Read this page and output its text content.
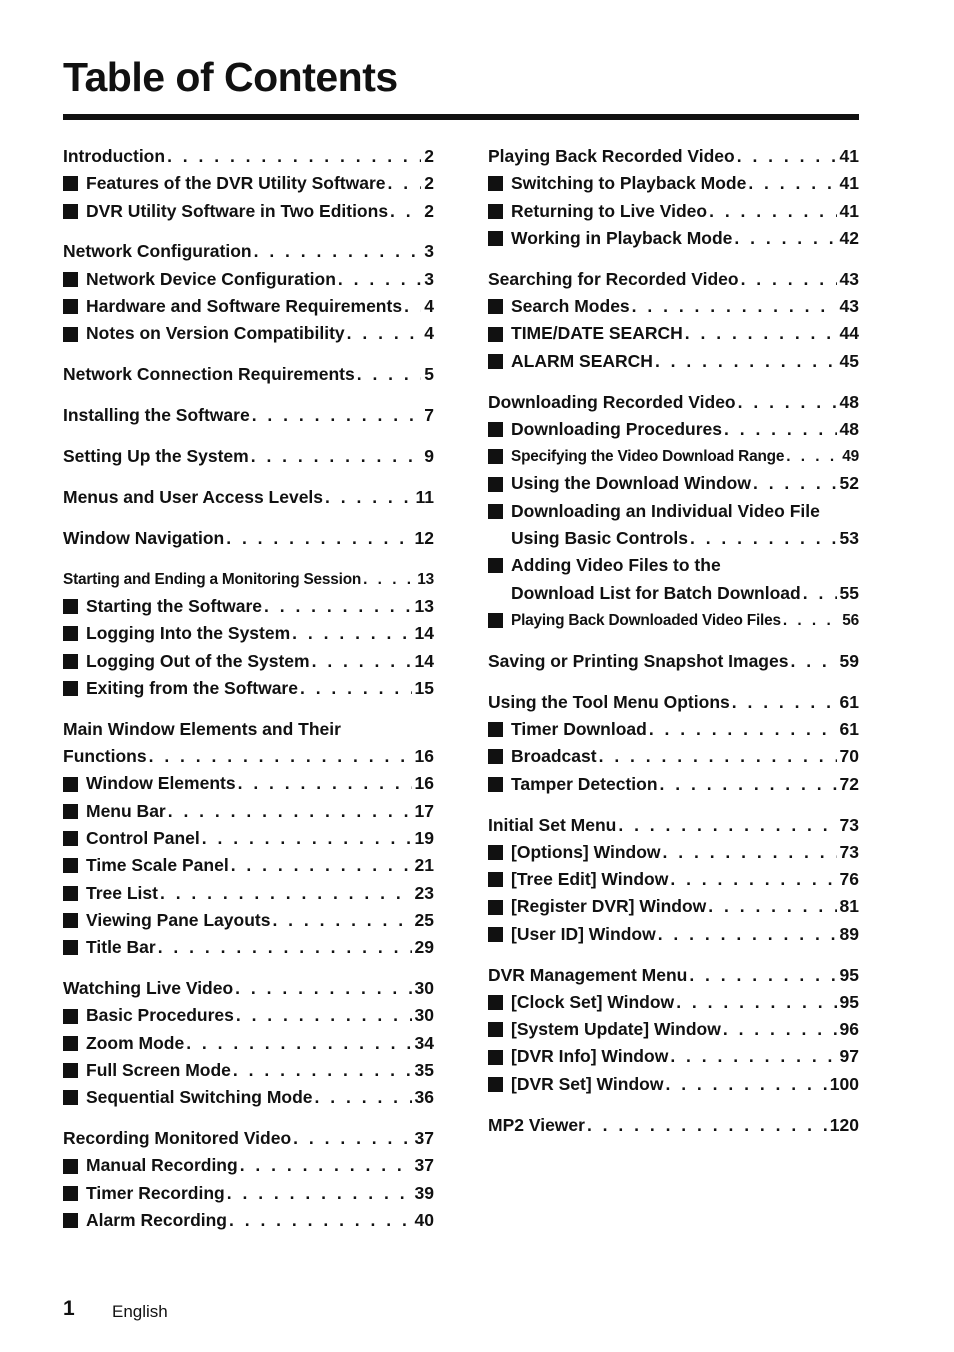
Table of Contents
Introduction . . .	2
Features of the DVR Utility Software . . . 2
DVR Utility Software in Two Editions . . . 2
Network Configuration . . .	3
Network Device Configuration . . .	3
Hardware and Software Requirements . . . 4
Notes on Version Compatibility . . .	4
Network Connection Requirements . . .	5
Installing the Software . . .	7
Setting Up the System . . .	9
Menus and User Access Levels . . .	11
Window Navigation . . .	12
Starting and Ending a Monitoring Session . . .	13
Starting the Software . . .	13
Logging Into the System . . .	14
Logging Out of the System . . .	14
Exiting from the Software . . .	15
Main Window Elements and Their
Functions . . .	16
Window Elements . . .	16
Menu Bar . . .	17
Control Panel . . .	19
Time Scale Panel . . .	21
Tree List . . .	23
Viewing Pane Layouts . . .	25
Title Bar . . .	29
Watching Live Video . . .	30
Basic Procedures . . .	30
Zoom Mode . . .	34
Full Screen Mode . . .	35
Sequential Switching Mode . . .	36
Recording Monitored Video . . .	37
Manual Recording . . .	37
Timer Recording . . .	39
Alarm Recording . . .	40
Playing Back Recorded Video . . .	41
Switching to Playback Mode . . .	41
Returning to Live Video . . .	41
Working in Playback Mode . . .	42
Searching for Recorded Video . . .	43
Search Modes . . .	43
TIME/DATE SEARCH . . .	44
ALARM SEARCH . . .	45
Downloading Recorded Video . . .	48
Downloading Procedures . . .	48
Specifying the Video Download Range . . .	49
Using the Download Window . . .	52
Downloading an Individual Video File
Using Basic Controls . . .	53
Adding Video Files to the
Download List for Batch Download . . . 55
Playing Back Downloaded Video Files . . .	56
Saving or Printing Snapshot Images . . .	59
Using the Tool Menu Options . . .	61
Timer Download . . .	61
Broadcast . . .	70
Tamper Detection . . .	72
Initial Set Menu . . .	73
[Options] Window . . .	73
[Tree Edit] Window . . .	76
[Register DVR] Window . . .	81
[User ID] Window . . .	89
DVR Management Menu . . .	95
[Clock Set] Window . . .	95
[System Update] Window . . .	96
[DVR Info] Window . . .	97
[DVR Set] Window . . .	100
MP2 Viewer . . .	120
1 English
